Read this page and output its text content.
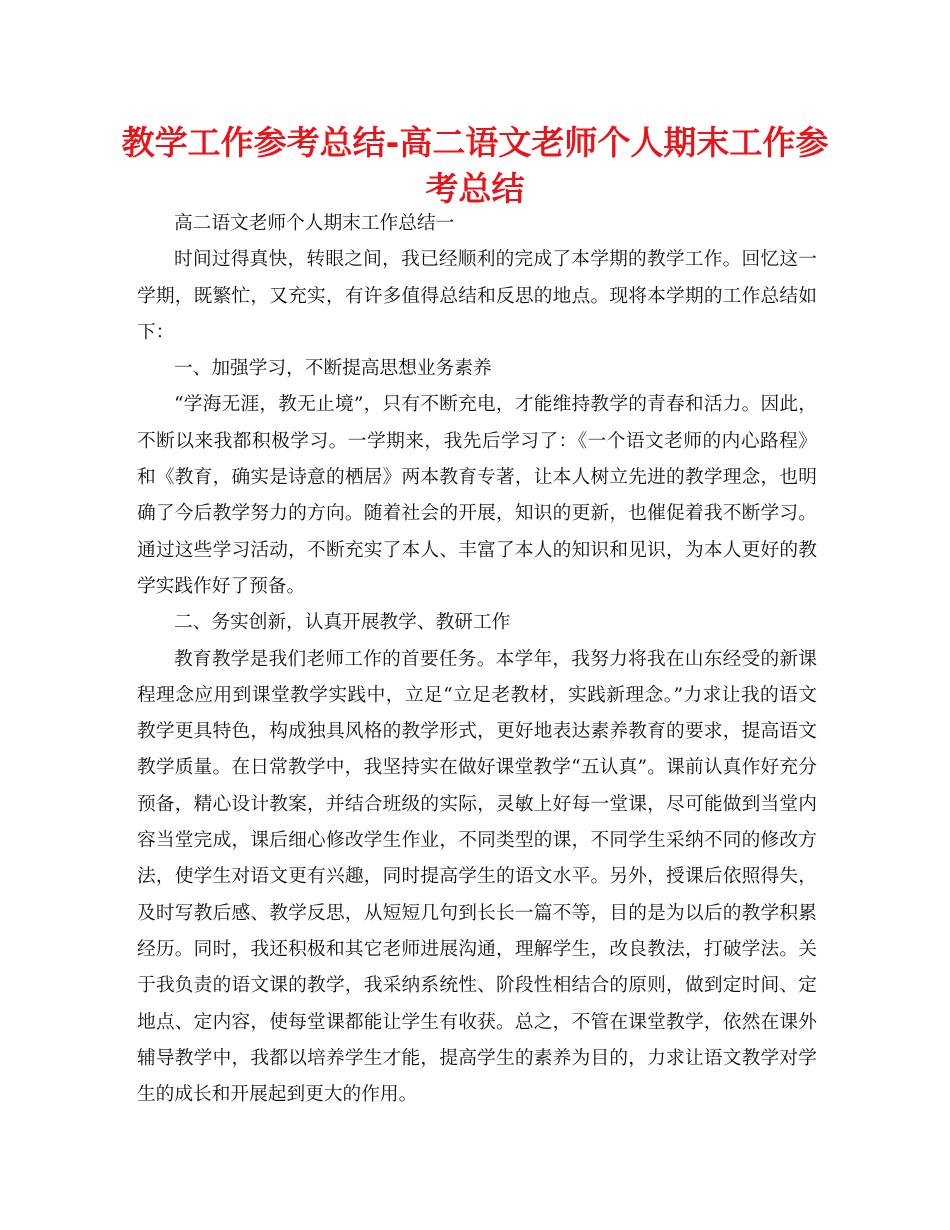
教学工作参考总结-高二语文老师个人期末工作参考总结

高二语文老师个人期末工作总结一

时间过得真快，转眼之间，我已经顺利的完成了本学期的教学工作。回忆这一学期，既繁忙，又充实，有许多值得总结和反思的地点。现将本学期的工作总结如下：

一、加强学习，不断提高思想业务素养

“学海无涯，教无止境”，只有不断充电，才能维持教学的青春和活力。因此，不断以来我都积极学习。一学期来，我先后学习了：《一个语文老师的内心路程》和《教育，确实是诗意的栖居》两本教育专著，让本人树立先进的教学理念，也明确了今后教学努力的方向。随着社会的开展，知识的更新，也催促着我不断学习。通过这些学习活动，不断充实了本人、丰富了本人的知识和见识，为本人更好的教学实践作好了预备。

二、务实创新，认真开展教学、教研工作

教育教学是我们老师工作的首要任务。本学年，我努力将我在山东经受的新课程理念应用到课堂教学实践中，立足“立足老教材，实践新理念。”力求让我的语文教学更具特色，构成独具风格的教学形式，更好地表达素养教育的要求，提高语文教学质量。在日常教学中，我坚持实在做好课堂教学“五认真”。课前认真作好充分预备，精心设计教案，并结合班级的实际，灵敏上好每一堂课，尽可能做到当堂内容当堂完成，课后细心修改学生作业，不同类型的课，不同学生采纳不同的修改方法，使学生对语文更有兴趣，同时提高学生的语文水平。另外，授课后依照得失，及时写教后感、教学反思，从短短几句到长长一篇不等，目的是为以后的教学积累经历。同时，我还积极和其它老师进展沟通，理解学生，改良教法，打破学法。关于我负责的语文课的教学，我采纳系统性、阶段性相结合的原则，做到定时间、定地点、定内容，使每堂课都能让学生有收获。总之，不管在课堂教学，依然在课外辅导教学中，我都以培养学生才能，提高学生的素养为目的，力求让语文教学对学生的成长和开展起到更大的作用。
